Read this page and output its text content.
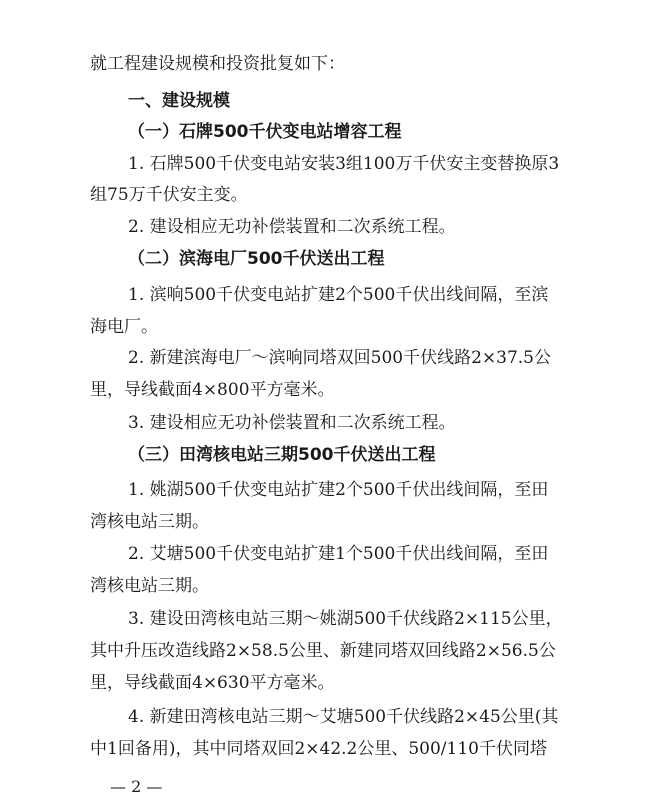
就工程建设规模和投资批复如下：
一、建设规模
（一）石牌500千伏变电站增容工程
1. 石牌500千伏变电站安装3组100万千伏安主变替换原3
组75万千伏安主变。
2. 建设相应无功补偿装置和二次系统工程。
（二）滨海电厂500千伏送出工程
1. 滨响500千伏变电站扩建2个500千伏出线间隔，至滨
海电厂。
2. 新建滨海电厂～滨响同塔双回500千伏线路2×37.5公
里，导线截面4×800平方毫米。
3. 建设相应无功补偿装置和二次系统工程。
（三）田湾核电站三期500千伏送出工程
1. 姚湖500千伏变电站扩建2个500千伏出线间隔，至田
湾核电站三期。
2. 艾塘500千伏变电站扩建1个500千伏出线间隔，至田
湾核电站三期。
3. 建设田湾核电站三期～姚湖500千伏线路2×115公里，
其中升压改造线路2×58.5公里、新建同塔双回线路2×56.5公
里，导线截面4×630平方毫米。
4. 新建田湾核电站三期～艾塘500千伏线路2×45公里(其
中1回备用)，其中同塔双回2×42.2公里、500/110千伏同塔
— 2 —
